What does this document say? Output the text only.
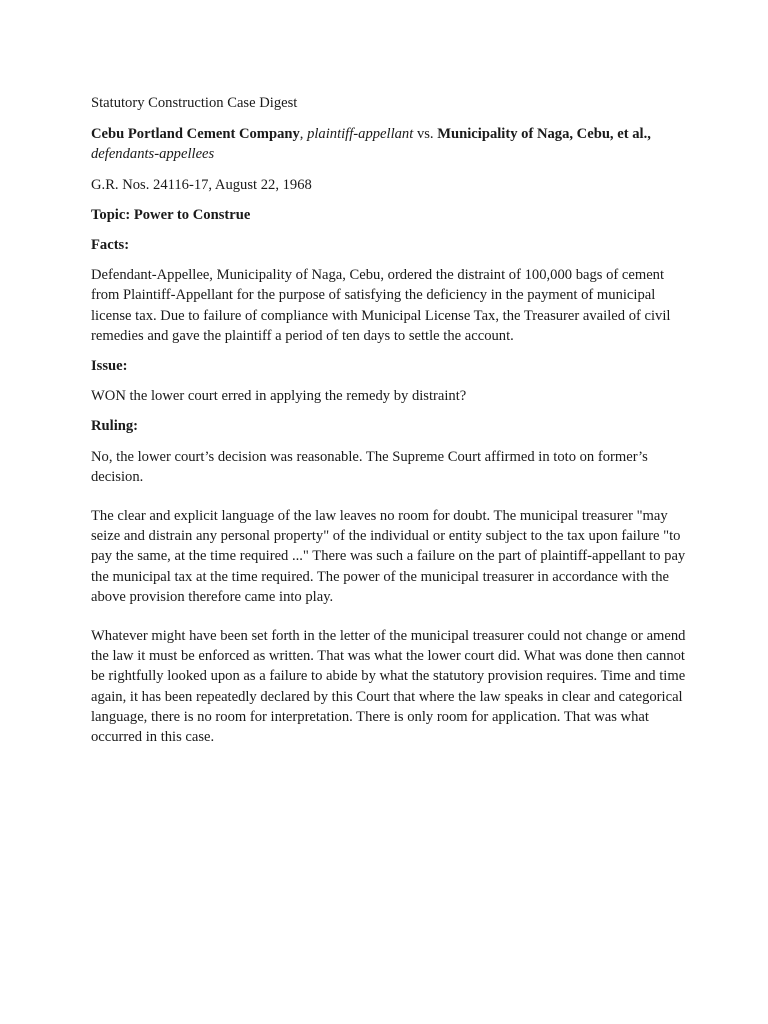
Statutory Construction Case Digest

Cebu Portland Cement Company, plaintiff-appellant vs. Municipality of Naga, Cebu, et al., defendants-appellees

G.R. Nos. 24116-17, August 22, 1968

Topic: Power to Construe

Facts:

Defendant-Appellee, Municipality of Naga, Cebu, ordered the distraint of 100,000 bags of cement from Plaintiff-Appellant for the purpose of satisfying the deficiency in the payment of municipal license tax. Due to failure of compliance with Municipal License Tax, the Treasurer availed of civil remedies and gave the plaintiff a period of ten days to settle the account.

Issue:

WON the lower court erred in applying the remedy by distraint?

Ruling:

No, the lower court’s decision was reasonable. The Supreme Court affirmed in toto on former’s decision.

The clear and explicit language of the law leaves no room for doubt. The municipal treasurer "may seize and distrain any personal property" of the individual or entity subject to the tax upon failure "to pay the same, at the time required ..." There was such a failure on the part of plaintiff-appellant to pay the municipal tax at the time required. The power of the municipal treasurer in accordance with the above provision therefore came into play.

Whatever might have been set forth in the letter of the municipal treasurer could not change or amend the law it must be enforced as written. That was what the lower court did. What was done then cannot be rightfully looked upon as a failure to abide by what the statutory provision requires. Time and time again, it has been repeatedly declared by this Court that where the law speaks in clear and categorical language, there is no room for interpretation. There is only room for application. That was what occurred in this case.
